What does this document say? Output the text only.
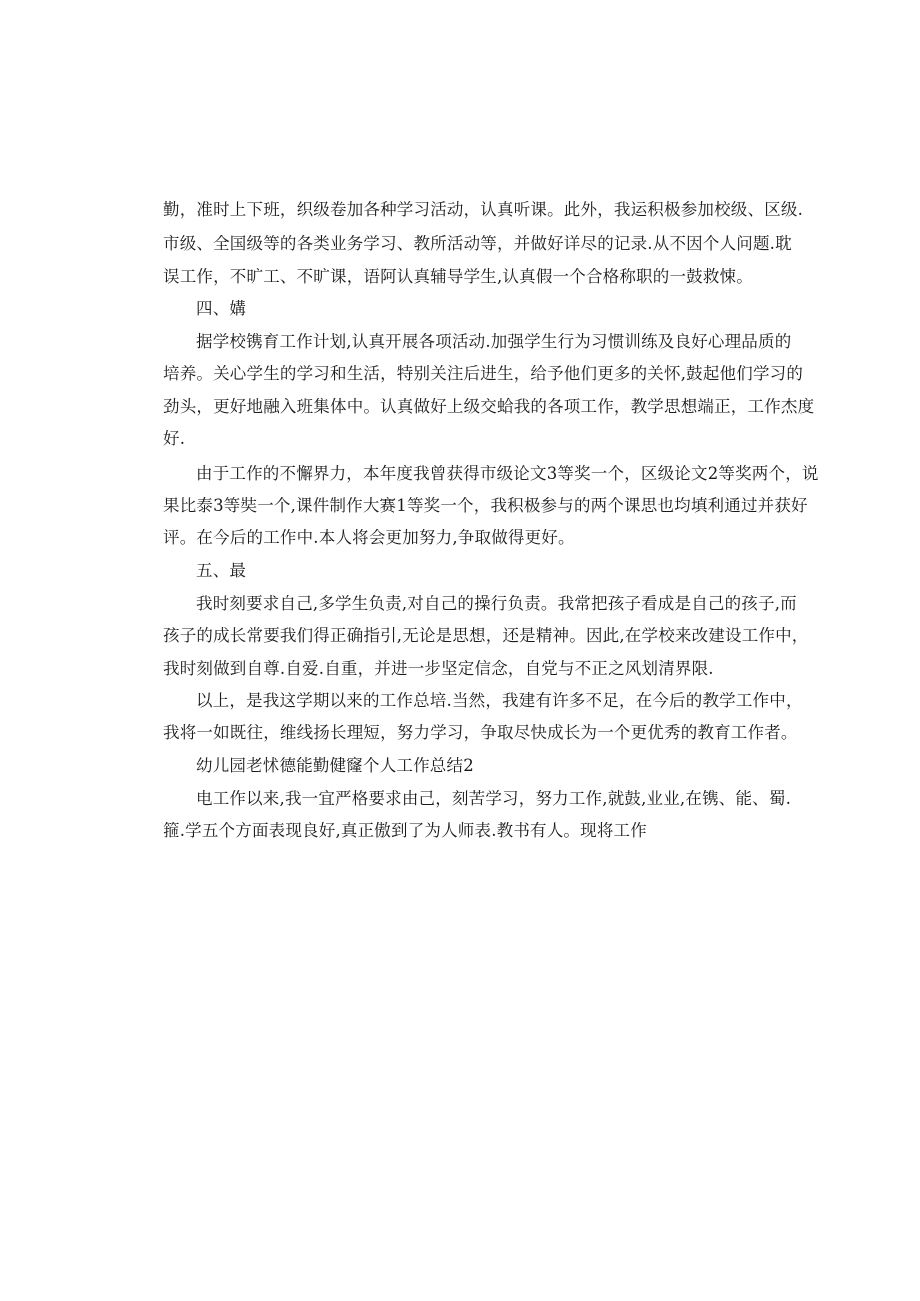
勤，准时上下班，织级卷加各种学习活动，认真听课。此外，我运积极参加校级、区级.
市级、全国级等的各类业务学习、教所活动等，并做好详尽的记录.从不因个人问题.耽
误工作，不旷工、不旷课，语阿认真辅导学生,认真假一个合格称职的一鼓救悚。
四、媾
据学校镌育工作计划,认真开展各项活动.加强学生行为习惯训练及良好心理品质的
培养。关心学生的学习和生活，特别关注后进生，给予他们更多的关怀,鼓起他们学习的
劲头，更好地融入班集体中。认真做好上级交蛤我的各项工作，教学思想端正，工作杰度
好.
由于工作的不懈界力，本年度我曾获得市级论文3等奖一个，区级论文2等奖两个，说
果比泰3等奘一个,课件制作大赛1等奖一个，我积极参与的两个课思也均填利通过并获好
评。在今后的工作中.本人将会更加努力,争取做得更好。
五、最
我时刻要求自己,多学生负责,对自己的操行负责。我常把孩子看成是自己的孩子,而
孩子的成长常要我们得正确指引,无论是思想，还是精神。因此,在学校来改建设工作中，
我时刻做到自尊.自爱.自重，并进一步坚定信念，自党与不正之风划清界限.
以上，是我这学期以来的工作总培.当然，我建有许多不足，在今后的教学工作中，
我将一如既往，维线扬长理短，努力学习，争取尽快成长为一个更优秀的教育工作者。
幼儿园老怵德能勤健窿个人工作总结2
电工作以来,我一宜严格要求由己，刻苦学习，努力工作,就鼓,业业,在镌、能、蜀.
箍.学五个方面表现良好,真正傲到了为人师表.教书有人。现将工作
